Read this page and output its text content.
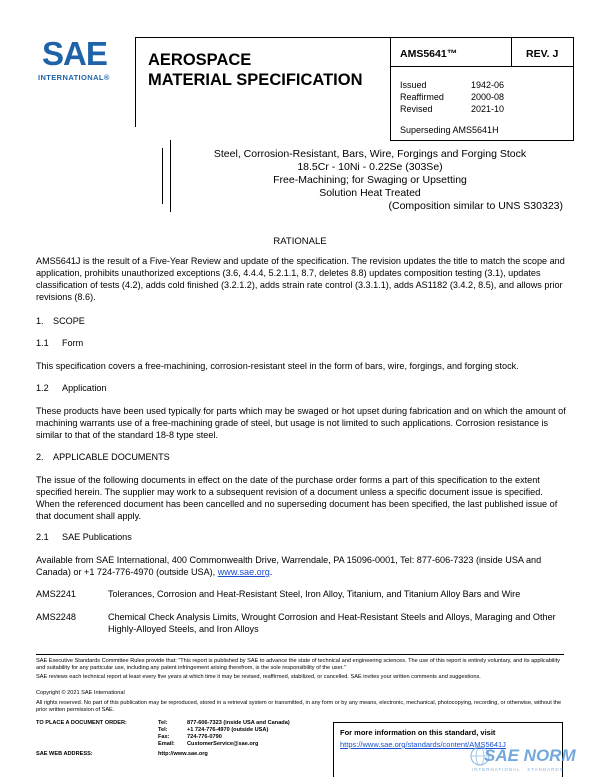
SAE
INTERNATIONAL®
AEROSPACE
MATERIAL SPECIFICATION
AMS5641™	REV. J
Issued	1942-06
Reaffirmed	2000-08
Revised	2021-10
Superseding AMS5641H
Steel, Corrosion-Resistant, Bars, Wire, Forgings and Forging Stock
18.5Cr - 10Ni - 0.22Se (303Se)
Free-Machining; for Swaging or Upsetting
Solution Heat Treated
(Composition similar to UNS S30323)
RATIONALE
AMS5641J is the result of a Five-Year Review and update of the specification. The revision updates the title to match the scope and application, prohibits unauthorized exceptions (3.6, 4.4.4, 5.2.1.1, 8.7, deletes 8.8) updates composition testing (3.1), updates classification of tests (4.2), adds cold finished (3.2.1.2), adds strain rate control (3.3.1.1), adds AS1182 (3.4.2, 8.5), and allows prior revisions (8.6).
1. SCOPE
1.1 Form
This specification covers a free-machining, corrosion-resistant steel in the form of bars, wire, forgings, and forging stock.
1.2 Application
These products have been used typically for parts which may be swaged or hot upset during fabrication and on which the amount of machining warrants use of a free-machining grade of steel, but usage is not limited to such applications. Corrosion resistance is similar to that of the standard 18-8 type steel.
2. APPLICABLE DOCUMENTS
The issue of the following documents in effect on the date of the purchase order forms a part of this specification to the extent specified herein. The supplier may work to a subsequent revision of a document unless a specific document issue is specified. When the referenced document has been cancelled and no superseding document has been specified, the last published issue of that document shall apply.
2.1 SAE Publications
Available from SAE International, 400 Commonwealth Drive, Warrendale, PA 15096-0001, Tel: 877-606-7323 (inside USA and Canada) or +1 724-776-4970 (outside USA), www.sae.org.
AMS2241	Tolerances, Corrosion and Heat-Resistant Steel, Iron Alloy, Titanium, and Titanium Alloy Bars and Wire
AMS2248	Chemical Check Analysis Limits, Wrought Corrosion and Heat-Resistant Steels and Alloys, Maraging and Other Highly-Alloyed Steels, and Iron Alloys
SAE Executive Standards Committee Rules provide that: “This report is published by SAE to advance the state of technical and engineering sciences. The use of this report is entirely voluntary, and its applicability and suitability for any particular use, including any patent infringement arising therefrom, is the sole responsibility of the user.”
SAE reviews each technical report at least every five years at which time it may be revised, reaffirmed, stabilized, or cancelled. SAE invites your written comments and suggestions.
Copyright © 2021 SAE International
All rights reserved. No part of this publication may be reproduced, stored in a retrieval system or transmitted, in any form or by any means, electronic, mechanical, photocopying, recording, or otherwise, without the prior written permission of SAE.
TO PLACE A DOCUMENT ORDER:	Tel:	877-606-7323 (inside USA and Canada)
Tel:	+1 724-776-4970 (outside USA)
Fax:	724-776-0790
Email: CustomerService@sae.org
SAE WEB ADDRESS:	http://www.sae.org
For more information on this standard, visit
https://www.sae.org/standards/content/AMS5641J
SAE NORM
INTERNATIONAL   STANDARDS
